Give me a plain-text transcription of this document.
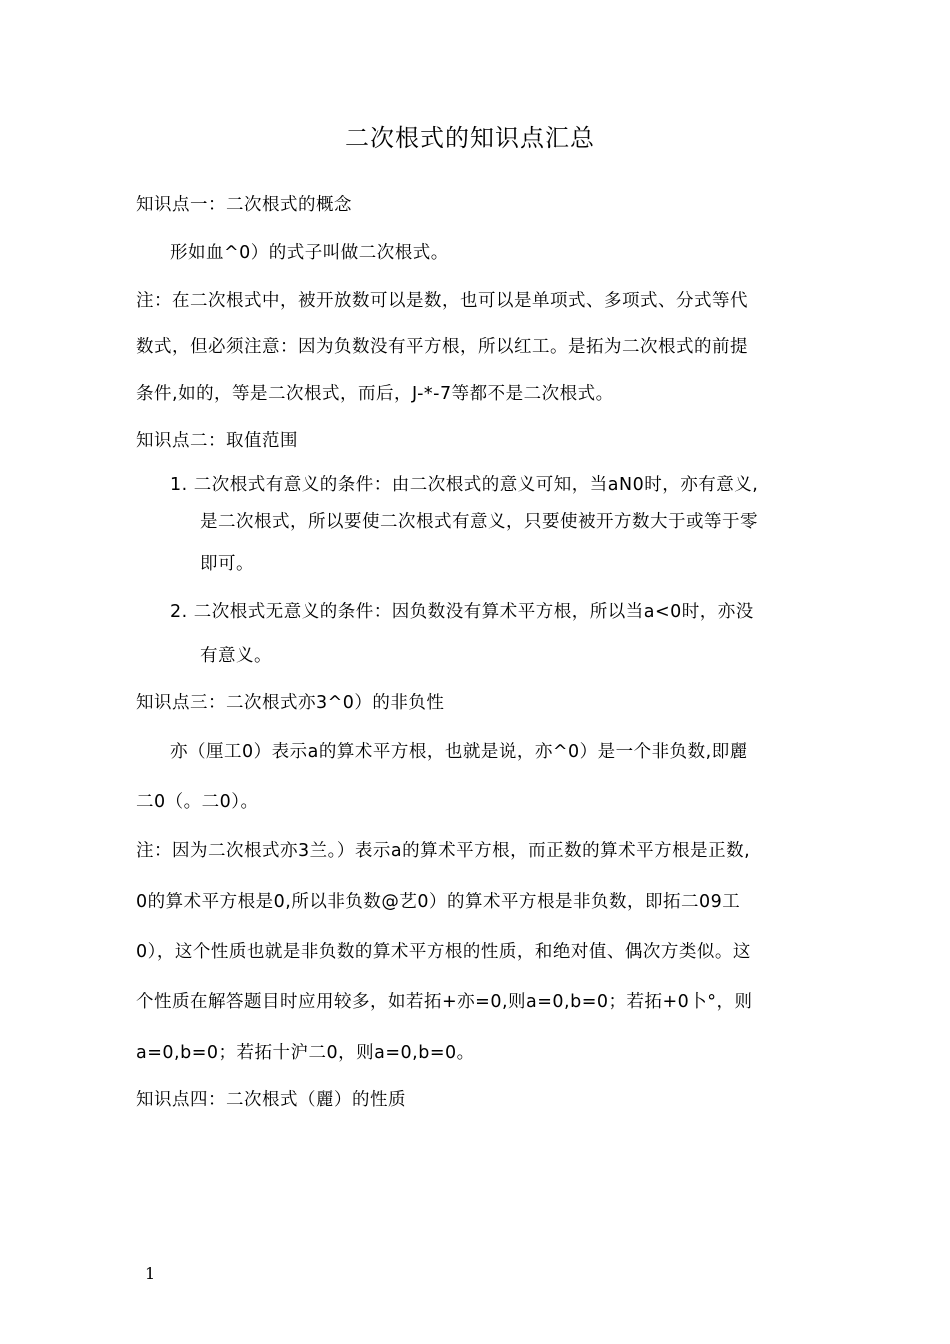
二次根式的知识点汇总
知识点一：二次根式的概念
形如血^0）的式子叫做二次根式。
注：在二次根式中，被开放数可以是数，也可以是单项式、多项式、分式等代
数式，但必须注意：因为负数没有平方根，所以红工。是拓为二次根式的前提
条件,如的，等是二次根式，而后，J-*-7等都不是二次根式。
知识点二：取值范围
1. 二次根式有意义的条件：由二次根式的意义可知，当aN0时，亦有意义,
是二次根式，所以要使二次根式有意义，只要使被开方数大于或等于零
即可。
2. 二次根式无意义的条件：因负数没有算术平方根，所以当a<0时，亦没
有意义。
知识点三：二次根式亦3^0）的非负性
亦（厘工0）表示a的算术平方根，也就是说，亦^0）是一个非负数,即麗
二0（。二0）。
注：因为二次根式亦3兰。）表示a的算术平方根，而正数的算术平方根是正数,
0的算术平方根是0,所以非负数@艺0）的算术平方根是非负数，即拓二09工
0），这个性质也就是非负数的算术平方根的性质，和绝对值、偶次方类似。这
个性质在解答题目时应用较多，如若拓+亦=0,则a=0,b=0；若拓+0卜°，则
a=0,b=0；若拓十沪二0，则a=0,b=0。
知识点四：二次根式（麗）的性质
1
